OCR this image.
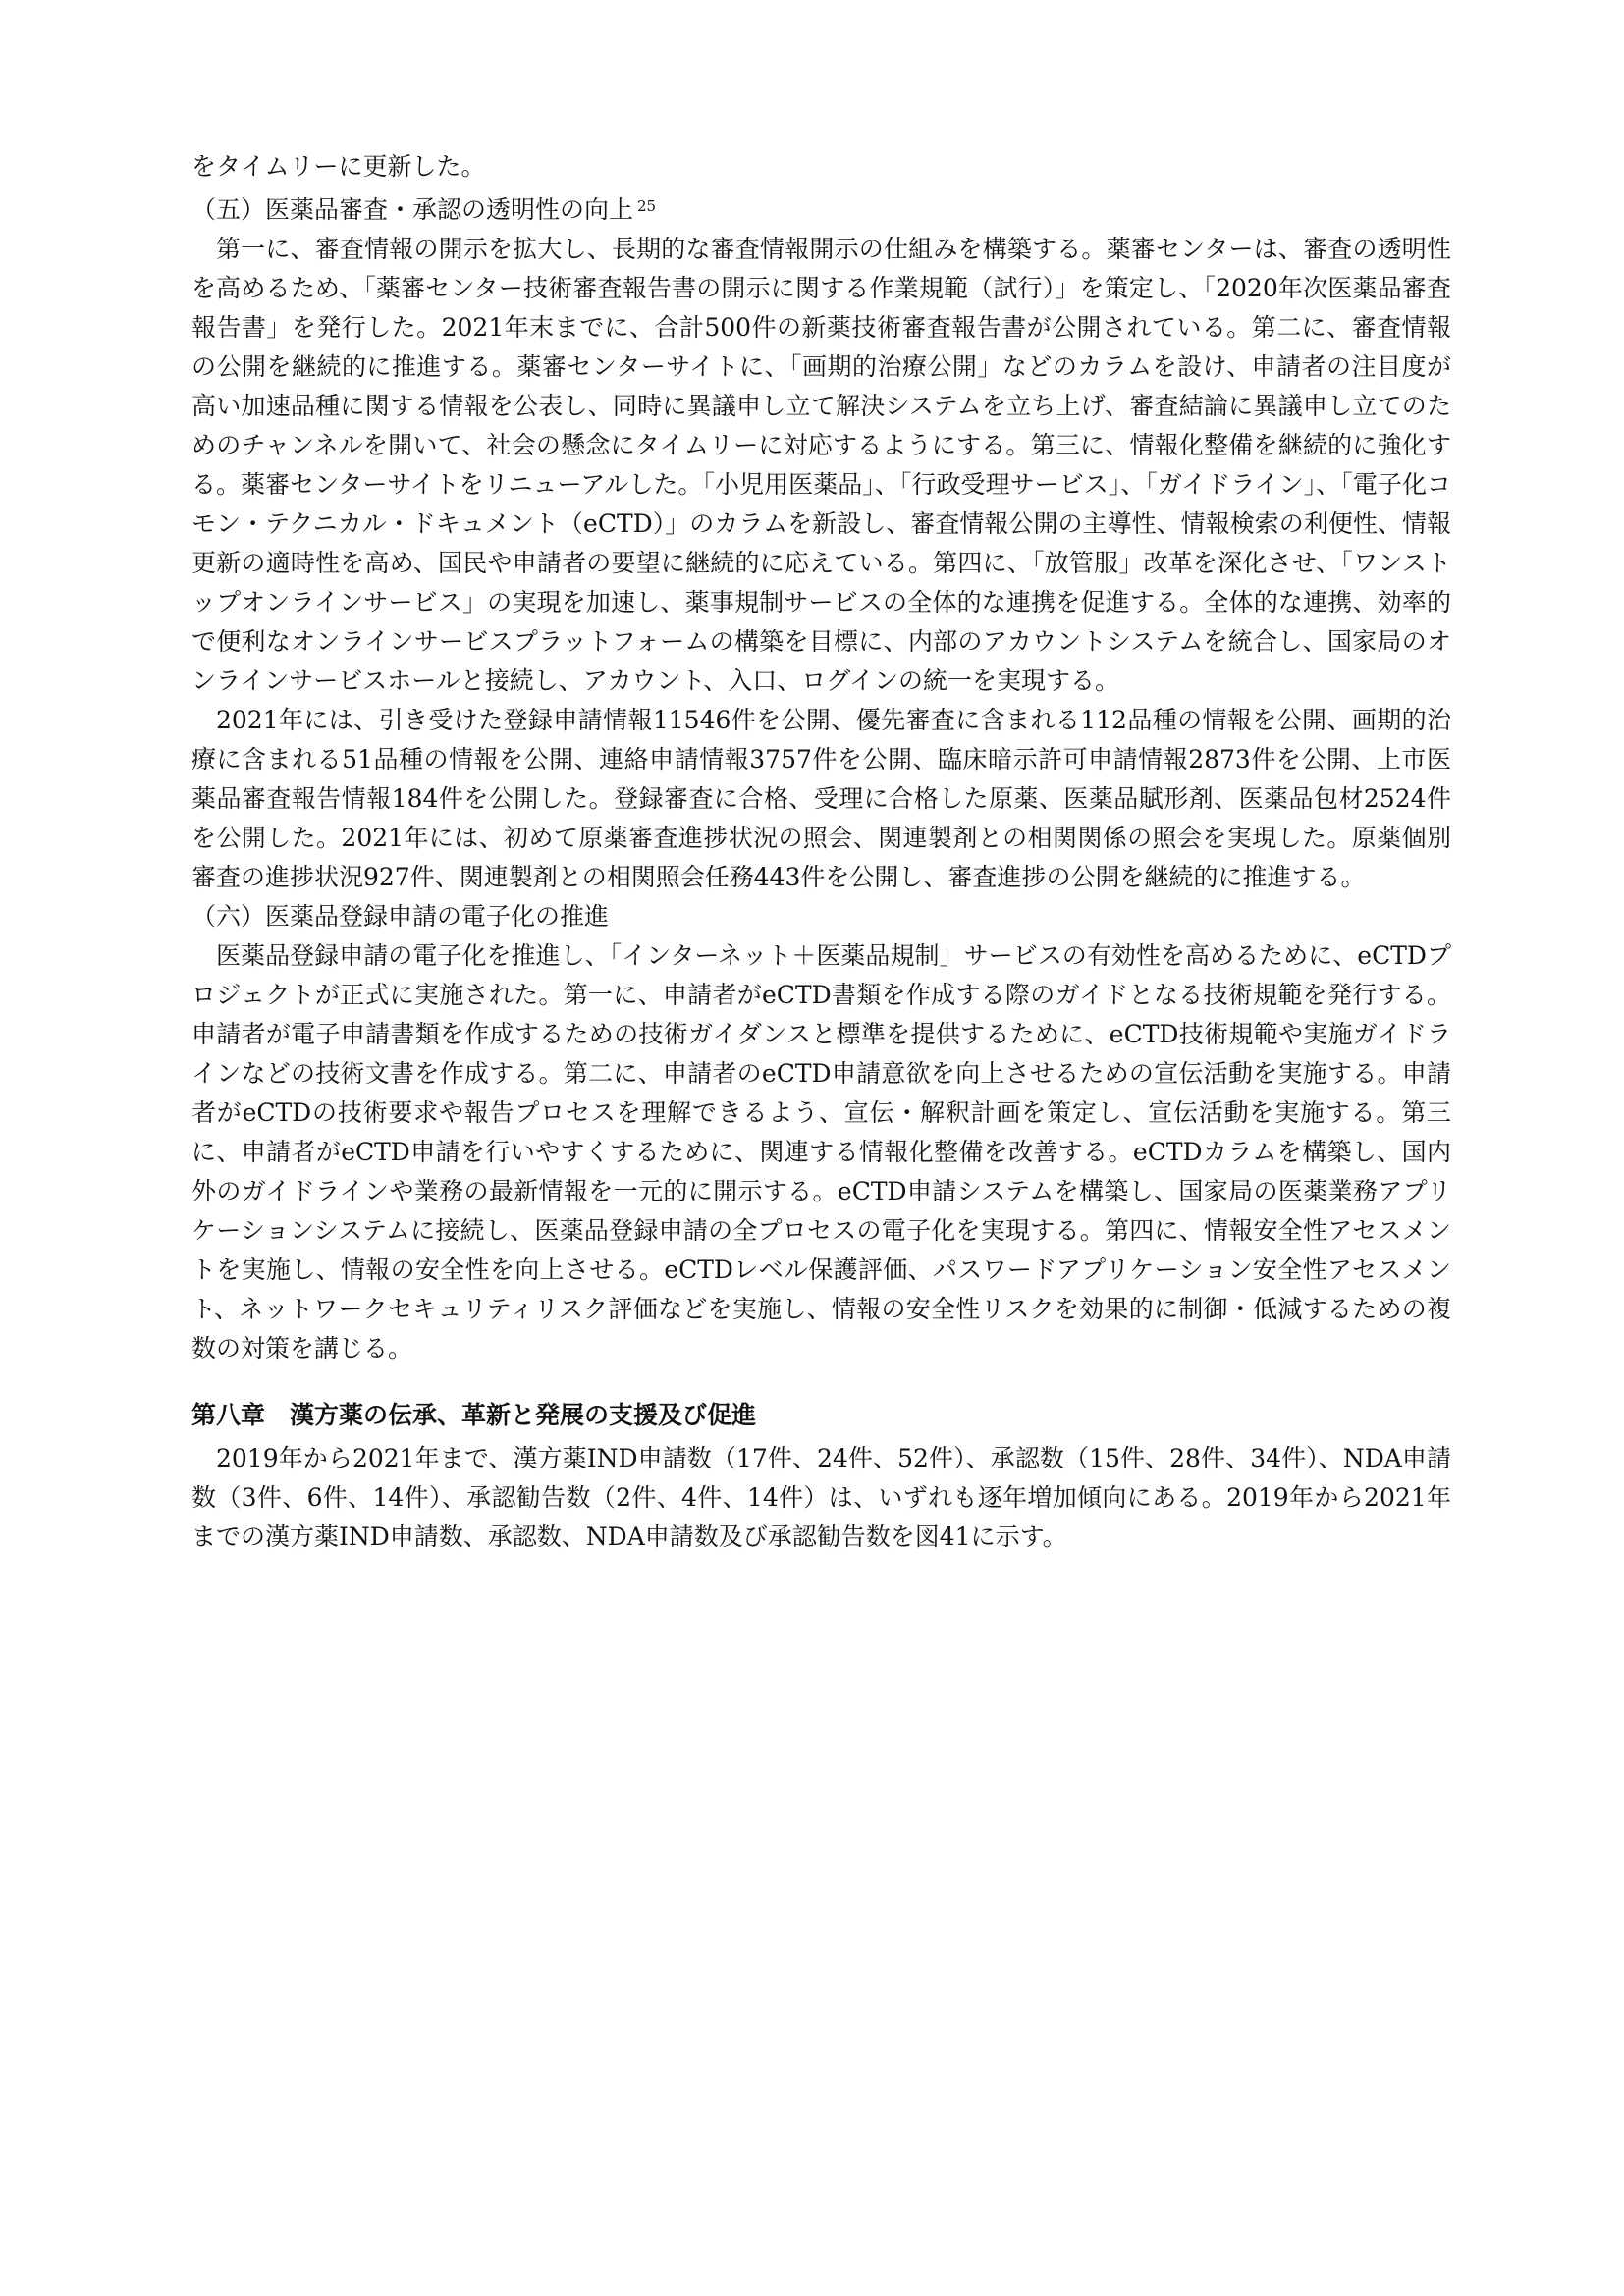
をタイムリーに更新した。

（五）医薬品審査・承認の透明性の向上 $^{25}$

第一に、審査情報の開示を拡大し、長期的な審査情報開示の仕組みを構築する。薬審センターは、審査の透明性を高めるため、「薬審センター技術審査報告書の開示に関する作業規範（試行）」を策定し、「2020年次医薬品審査報告書」を発行した。2021年末までに、合計500件の新薬技術審査報告書が公開されている。第二に、審査情報の公開を継続的に推進する。薬審センターサイトに、「画期的治療公開」などのカラムを設け、申請者の注目度が高い加速品種に関する情報を公表し、同時に異議申し立て解決システムを立ち上げ、審査結論に異議申し立てのためのチャンネルを開いて、社会の懸念にタイムリーに対応するようにする。第三に、情報化整備を継続的に強化する。薬審センターサイトをリニューアルした。「小児用医薬品」、「行政受理サービス」、「ガイドライン」、「電子化コモン・テクニカル・ドキュメント（eCTD）」のカラムを新設し、審査情報公開の主導性、情報検索の利便性、情報更新の適時性を高め、国民や申請者の要望に継続的に応えている。第四に、「放管服」改革を深化させ、「ワンストップオンラインサービス」の実現を加速し、薬事規制サービスの全体的な連携を促進する。全体的な連携、効率的で便利なオンラインサービスプラットフォームの構築を目標に、内部のアカウントシステムを統合し、国家局のオンラインサービスホールと接続し、アカウント、入口、ログインの統一を実現する。

2021年には、引き受けた登録申請情報11546件を公開、優先審査に含まれる112品種の情報を公開、画期的治療に含まれる51品種の情報を公開、連絡申請情報3757件を公開、臨床暗示許可申請情報2873件を公開、上市医薬品審査報告情報184件を公開した。登録審査に合格、受理に合格した原薬、医薬品賦形剤、医薬品包材2524件を公開した。2021年には、初めて原薬審査進捗状況の照会、関連製剤との相関関係の照会を実現した。原薬個別審査の進捗状況927件、関連製剤との相関照会任務443件を公開し、審査進捗の公開を継続的に推進する。

（六）医薬品登録申請の電子化の推進

医薬品登録申請の電子化を推進し、「インターネット＋医薬品規制」サービスの有効性を高めるために、eCTDプロジェクトが正式に実施された。第一に、申請者がeCTD書類を作成する際のガイドとなる技術規範を発行する。申請者が電子申請書類を作成するための技術ガイダンスと標準を提供するために、eCTD技術規範や実施ガイドラインなどの技術文書を作成する。第二に、申請者のeCTD申請意欲を向上させるための宣伝活動を実施する。申請者がeCTDの技術要求や報告プロセスを理解できるよう、宣伝・解釈計画を策定し、宣伝活動を実施する。第三に、申請者がeCTD申請を行いやすくするために、関連する情報化整備を改善する。eCTDカラムを構築し、国内外のガイドラインや業務の最新情報を一元的に開示する。eCTD申請システムを構築し、国家局の医薬業務アプリケーションシステムに接続し、医薬品登録申請の全プロセスの電子化を実現する。第四に、情報安全性アセスメントを実施し、情報の安全性を向上させる。eCTDレベル保護評価、パスワードアプリケーション安全性アセスメント、ネットワークセキュリティリスク評価などを実施し、情報の安全性リスクを効果的に制御・低減するための複数の対策を講じる。

第八章　漢方薬の伝承、革新と発展の支援及び促進

2019年から2021年まで、漢方薬IND申請数（17件、24件、52件）、承認数（15件、28件、34件）、NDA申請数（3件、6件、14件）、承認勧告数（2件、4件、14件）は、いずれも逐年増加傾向にある。2019年から2021年までの漢方薬IND申請数、承認数、NDA申請数及び承認勧告数を図41に示す。
